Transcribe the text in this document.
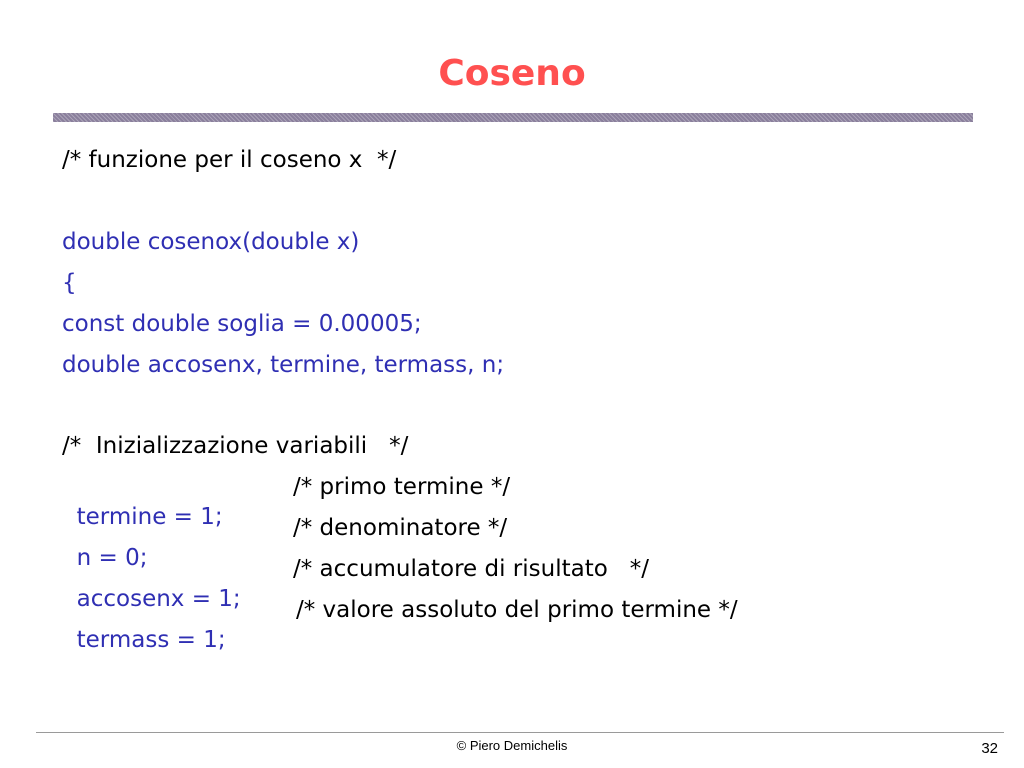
Coseno
/* funzione per il coseno x  */
double cosenox(double x)
{
const double soglia = 0.00005;
double accosenx, termine, termass, n;
/*  Inizializzazione variabili   */

termine = 1;

/* primo termine */

n = 0;

/* denominatore */

accosenx = 1;

/* accumulatore di risultato   */

termass = 1;

/* valore assoluto del primo termine */

© Piero Demichelis	32
